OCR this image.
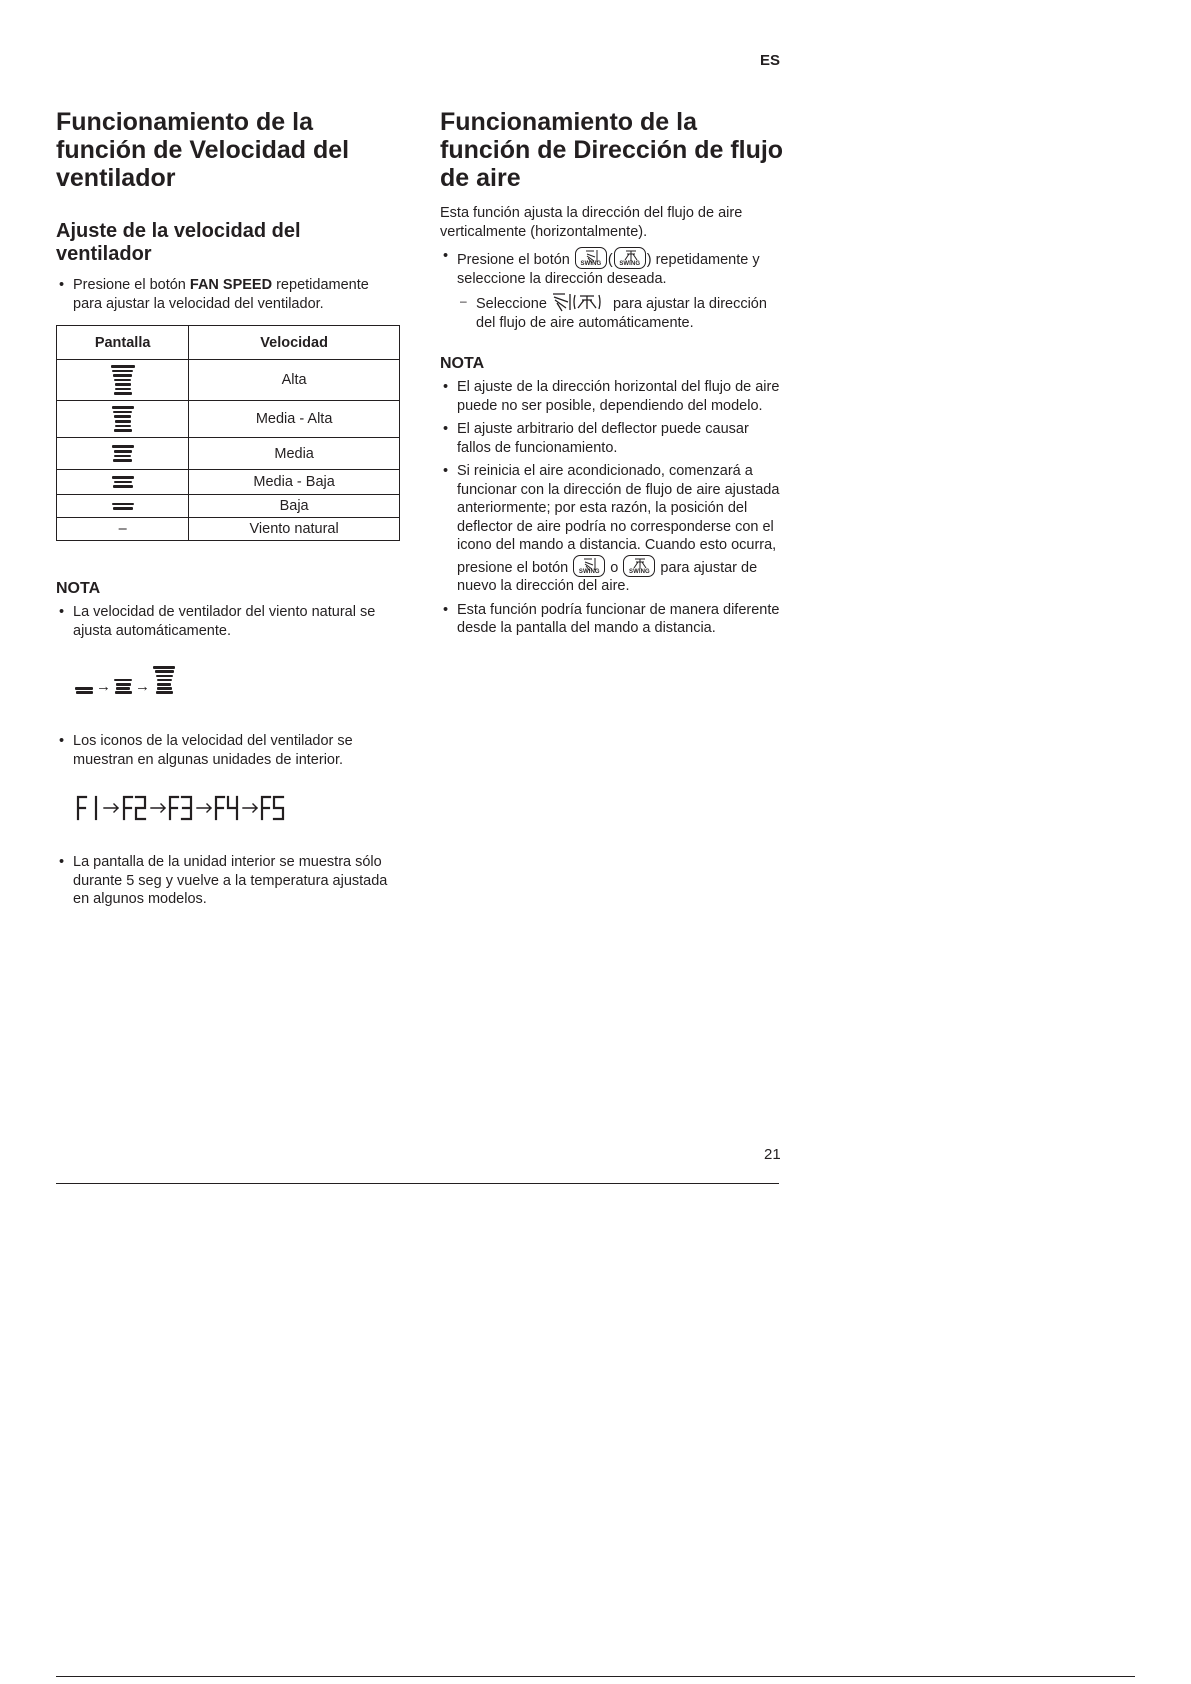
ES
Funcionamiento de la función de Velocidad del ventilador
Ajuste de la velocidad del ventilador
• Presione el botón FAN SPEED repetidamente para ajustar la velocidad del ventilador.
Pantalla	Velocidad

	Alta

	Media - Alta

	Media

	Media - Baja

	Baja
–	Viento natural
NOTA
• La velocidad de ventilador del viento natural se ajusta automáticamente.
→ →
• Los iconos de la velocidad del ventilador se muestran en algunas unidades de interior.
• La pantalla de la unidad interior se muestra sólo durante 5 seg y vuelve a la temperatura ajustada en algunos modelos.
Funcionamiento de la función de Dirección de flujo de aire

Esta función ajusta la dirección del flujo de aire verticalmente (horizontalmente).

• Presione el botón	SWING (	SWING ) repetidamente y seleccione la dirección deseada.
– Seleccione	para ajustar la dirección del flujo de aire automáticamente.
NOTA
• El ajuste de la dirección horizontal del flujo de aire puede no ser posible, dependiendo del modelo.
• El ajuste arbitrario del deflector puede causar fallos de funcionamiento.
• Si reinicia el aire acondicionado, comenzará a funcionar con la dirección de flujo de aire ajustada anteriormente; por esta razón, la posición del deflector de aire podría no corresponderse con el icono del mando a distancia. Cuando esto ocurra, presione el botón	SWING o	SWING para ajustar de nuevo la dirección del aire.
• Esta función podría funcionar de manera diferente desde la pantalla del mando a distancia.
21
